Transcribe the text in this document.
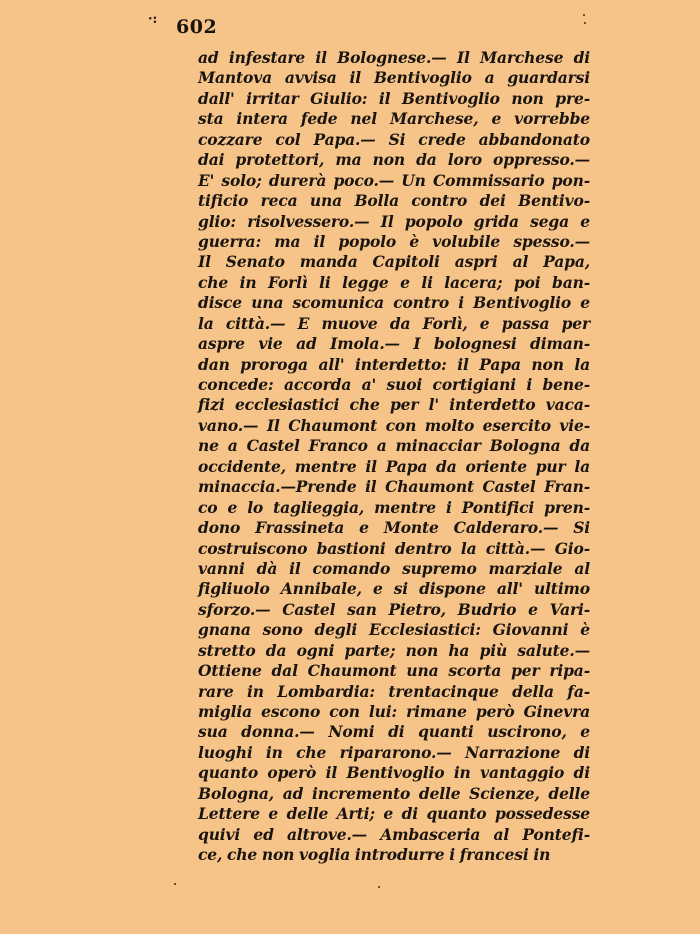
·: 602
ad infestare il Bolognese.— Il Marchese di
Mantova avvisa il Bentivoglio a guardarsi
dall' irritar Giulio: il Bentivoglio non pre-
sta intera fede nel Marchese, e vorrebbe
cozzare col Papa.— Si crede abbandonato
dai protettori, ma non da loro oppresso.—
E' solo; durerà poco.— Un Commissario pon-
tificio reca una Bolla contro dei Bentivo-
glio: risolvessero.— Il popolo grida sega e
guerra: ma il popolo è volubile spesso.—
Il Senato manda Capitoli aspri al Papa,
che in Forlì li legge e li lacera; poi ban-
disce una scomunica contro i Bentivoglio e
la città.— E muove da Forlì, e passa per
aspre vie ad Imola.— I bolognesi diman-
dan proroga all' interdetto: il Papa non la
concede: accorda a' suoi cortigiani i bene-
fizi ecclesiastici che per l' interdetto vaca-
vano.— Il Chaumont con molto esercito vie-
ne a Castel Franco a minacciar Bologna da
occidente, mentre il Papa da oriente pur la
minaccia.—Prende il Chaumont Castel Fran-
co e lo taglieggia, mentre i Pontifici pren-
dono Frassineta e Monte Calderaro.— Si
costruiscono bastioni dentro la città.— Gio-
vanni dà il comando supremo marziale al
figliuolo Annibale, e si dispone all' ultimo
sforzo.— Castel san Pietro, Budrio e Vari-
gnana sono degli Ecclesiastici: Giovanni è
stretto da ogni parte; non ha più salute.—
Ottiene dal Chaumont una scorta per ripa-
rare in Lombardia: trentacinque della fa-
miglia escono con lui: rimane però Ginevra
sua donna.— Nomi di quanti uscirono, e
luoghi in che ripararono.— Narrazione di
quanto operò il Bentivoglio in vantaggio di
Bologna, ad incremento delle Scienze, delle
Lettere e delle Arti; e di quanto possedesse
quivi ed altrove.— Ambasceria al Pontefi-
ce, che non voglia introdurre i francesi in
